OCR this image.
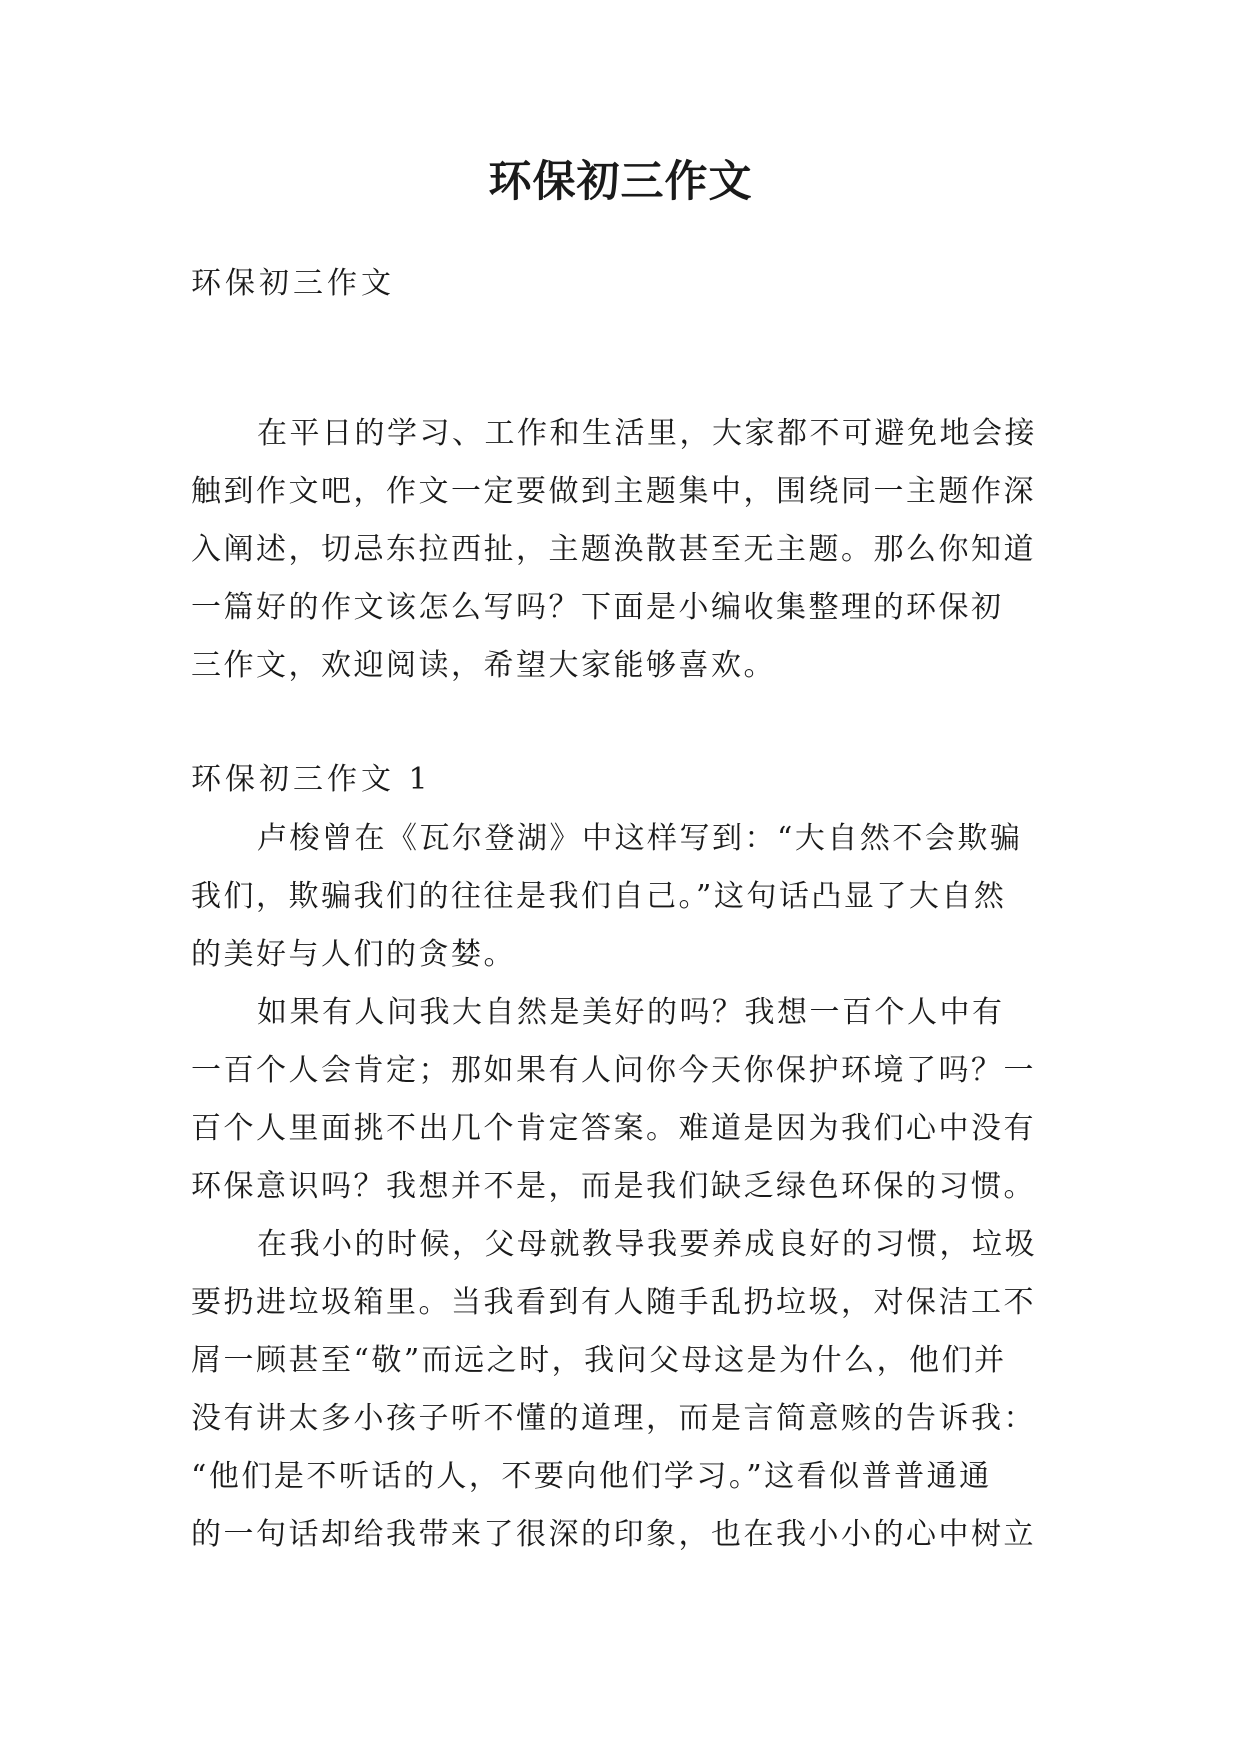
环保初三作文

环保初三作文

在平日的学习、工作和生活里，大家都不可避免地会接
触到作文吧，作文一定要做到主题集中，围绕同一主题作深
入阐述，切忌东拉西扯，主题涣散甚至无主题。那么你知道
一篇好的作文该怎么写吗？下面是小编收集整理的环保初
三作文，欢迎阅读，希望大家能够喜欢。

环保初三作文 1

卢梭曾在《瓦尔登湖》中这样写到：“大自然不会欺骗
我们，欺骗我们的往往是我们自己。”这句话凸显了大自然
的美好与人们的贪婪。
如果有人问我大自然是美好的吗？我想一百个人中有
一百个人会肯定；那如果有人问你今天你保护环境了吗？一
百个人里面挑不出几个肯定答案。难道是因为我们心中没有
环保意识吗？我想并不是，而是我们缺乏绿色环保的习惯。
在我小的时候，父母就教导我要养成良好的习惯，垃圾
要扔进垃圾箱里。当我看到有人随手乱扔垃圾，对保洁工不
屑一顾甚至“敬”而远之时，我问父母这是为什么，他们并
没有讲太多小孩子听不懂的道理，而是言简意赅的告诉我：
“他们是不听话的人，不要向他们学习。”这看似普普通通
的一句话却给我带来了很深的印象，也在我小小的心中树立
